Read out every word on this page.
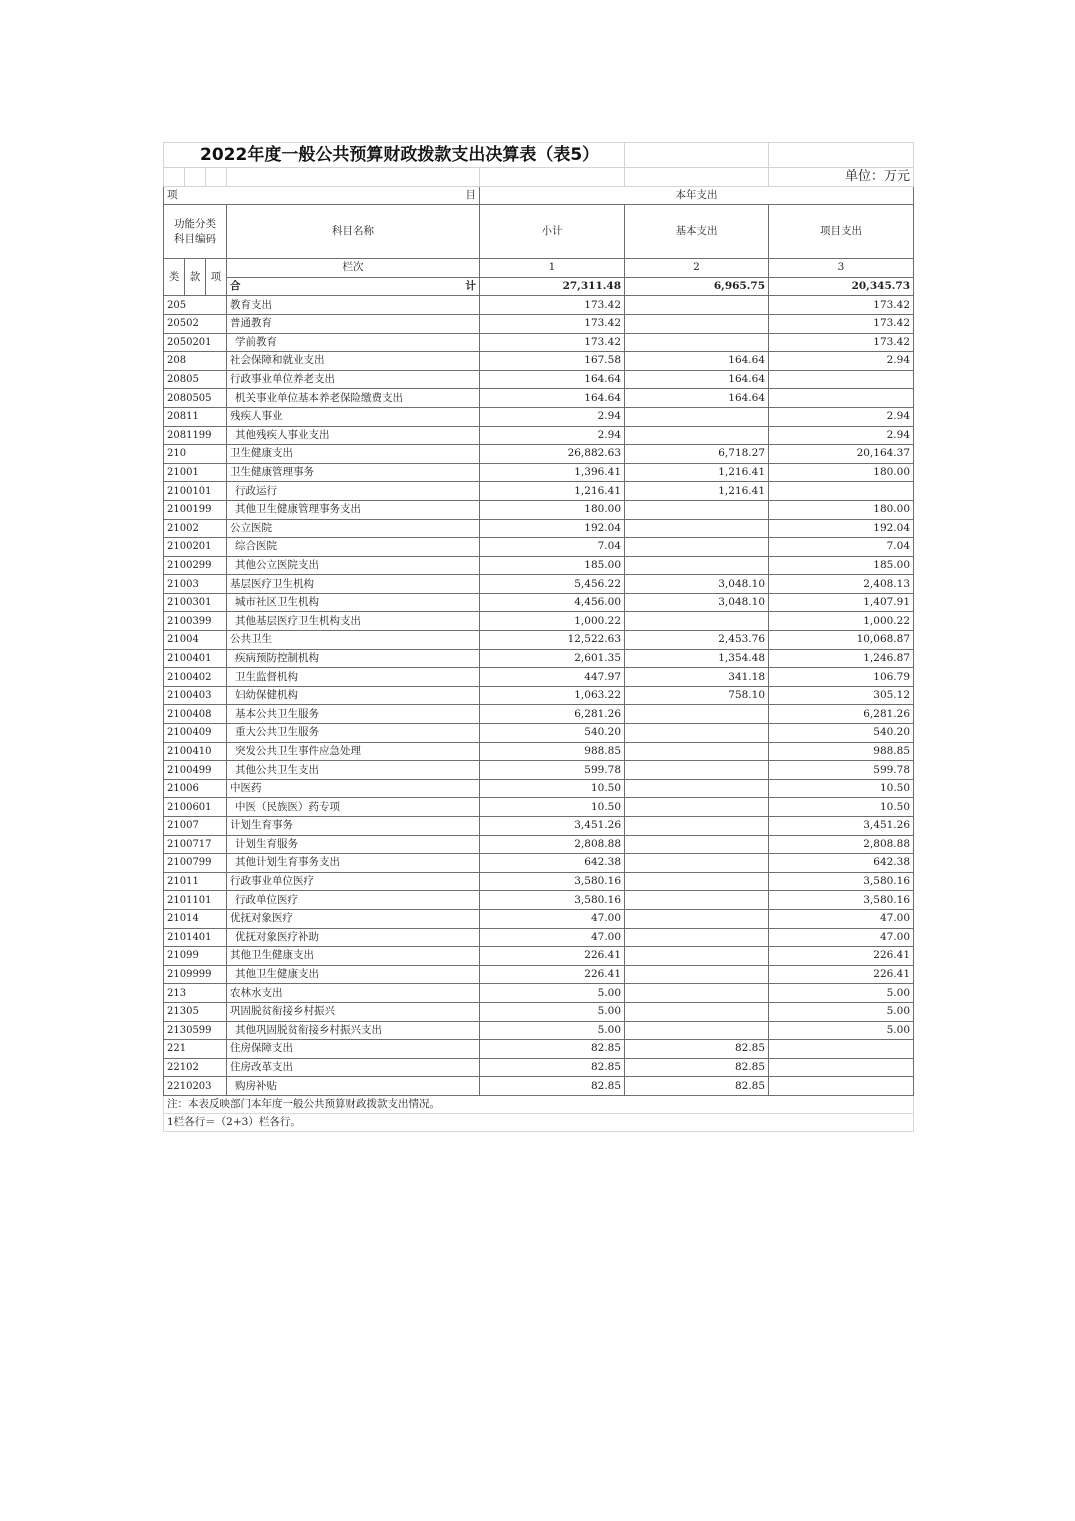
2022年度一般公共预算财政拨款支出决算表（表5）						
						单位：万元
项 目				本年支出		
功能分类
科目编码			科目名称	小计	基本支出	项目支出
类	款	项	栏次	1	2	3
			合 计	27,311.48	6,965.75	20,345.73
205			教育支出	173.42		173.42
20502			普通教育	173.42		173.42
2050201			学前教育	173.42		173.42
208			社会保障和就业支出	167.58	164.64	2.94
20805			行政事业单位养老支出	164.64	164.64	
2080505			机关事业单位基本养老保险缴费支出	164.64	164.64	
20811			残疾人事业	2.94		2.94
2081199			其他残疾人事业支出	2.94		2.94
210			卫生健康支出	26,882.63	6,718.27	20,164.37
21001			卫生健康管理事务	1,396.41	1,216.41	180.00
2100101			行政运行	1,216.41	1,216.41	
2100199			其他卫生健康管理事务支出	180.00		180.00
21002			公立医院	192.04		192.04
2100201			综合医院	7.04		7.04
2100299			其他公立医院支出	185.00		185.00
21003			基层医疗卫生机构	5,456.22	3,048.10	2,408.13
2100301			城市社区卫生机构	4,456.00	3,048.10	1,407.91
2100399			其他基层医疗卫生机构支出	1,000.22		1,000.22
21004			公共卫生	12,522.63	2,453.76	10,068.87
2100401			疾病预防控制机构	2,601.35	1,354.48	1,246.87
2100402			卫生监督机构	447.97	341.18	106.79
2100403			妇幼保健机构	1,063.22	758.10	305.12
2100408			基本公共卫生服务	6,281.26		6,281.26
2100409			重大公共卫生服务	540.20		540.20
2100410			突发公共卫生事件应急处理	988.85		988.85
2100499			其他公共卫生支出	599.78		599.78
21006			中医药	10.50		10.50
2100601			中医（民族医）药专项	10.50		10.50
21007			计划生育事务	3,451.26		3,451.26
2100717			计划生育服务	2,808.88		2,808.88
2100799			其他计划生育事务支出	642.38		642.38
21011			行政事业单位医疗	3,580.16		3,580.16
2101101			行政单位医疗	3,580.16		3,580.16
21014			优抚对象医疗	47.00		47.00
2101401			优抚对象医疗补助	47.00		47.00
21099			其他卫生健康支出	226.41		226.41
2109999			其他卫生健康支出	226.41		226.41
213			农林水支出	5.00		5.00
21305			巩固脱贫衔接乡村振兴	5.00		5.00
2130599			其他巩固脱贫衔接乡村振兴支出	5.00		5.00
221			住房保障支出	82.85	82.85	
22102			住房改革支出	82.85	82.85	
2210203			购房补贴	82.85	82.85	
注：本表反映部门本年度一般公共预算财政拨款支出情况。						
1栏各行＝（2+3）栏各行。						
